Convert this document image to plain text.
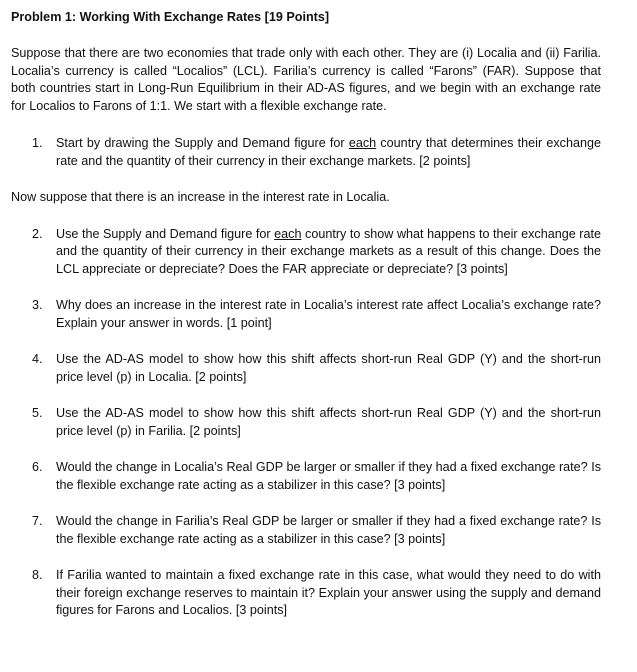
Problem 1: Working With Exchange Rates [19 Points]
Suppose that there are two economies that trade only with each other. They are (i) Localia and (ii) Farilia. Localia’s currency is called “Localios” (LCL). Farilia’s currency is called “Farons” (FAR). Suppose that both countries start in Long-Run Equilibrium in their AD-AS figures, and we begin with an exchange rate for Localios to Farons of 1:1. We start with a flexible exchange rate.
1.	Start by drawing the Supply and Demand figure for each country that determines their exchange rate and the quantity of their currency in their exchange markets. [2 points]
Now suppose that there is an increase in the interest rate in Localia.
2.	Use the Supply and Demand figure for each country to show what happens to their exchange rate and the quantity of their currency in their exchange markets as a result of this change. Does the LCL appreciate or depreciate? Does the FAR appreciate or depreciate? [3 points]
3.	Why does an increase in the interest rate in Localia’s interest rate affect Localia’s exchange rate? Explain your answer in words. [1 point]
4.	Use the AD-AS model to show how this shift affects short-run Real GDP (Y) and the short-run price level (p) in Localia. [2 points]
5.	Use the AD-AS model to show how this shift affects short-run Real GDP (Y) and the short-run price level (p) in Farilia. [2 points]
6.	Would the change in Localia’s Real GDP be larger or smaller if they had a fixed exchange rate? Is the flexible exchange rate acting as a stabilizer in this case? [3 points]
7.	Would the change in Farilia’s Real GDP be larger or smaller if they had a fixed exchange rate? Is the flexible exchange rate acting as a stabilizer in this case? [3 points]
8.	If Farilia wanted to maintain a fixed exchange rate in this case, what would they need to do with their foreign exchange reserves to maintain it? Explain your answer using the supply and demand figures for Farons and Localios. [3 points]
